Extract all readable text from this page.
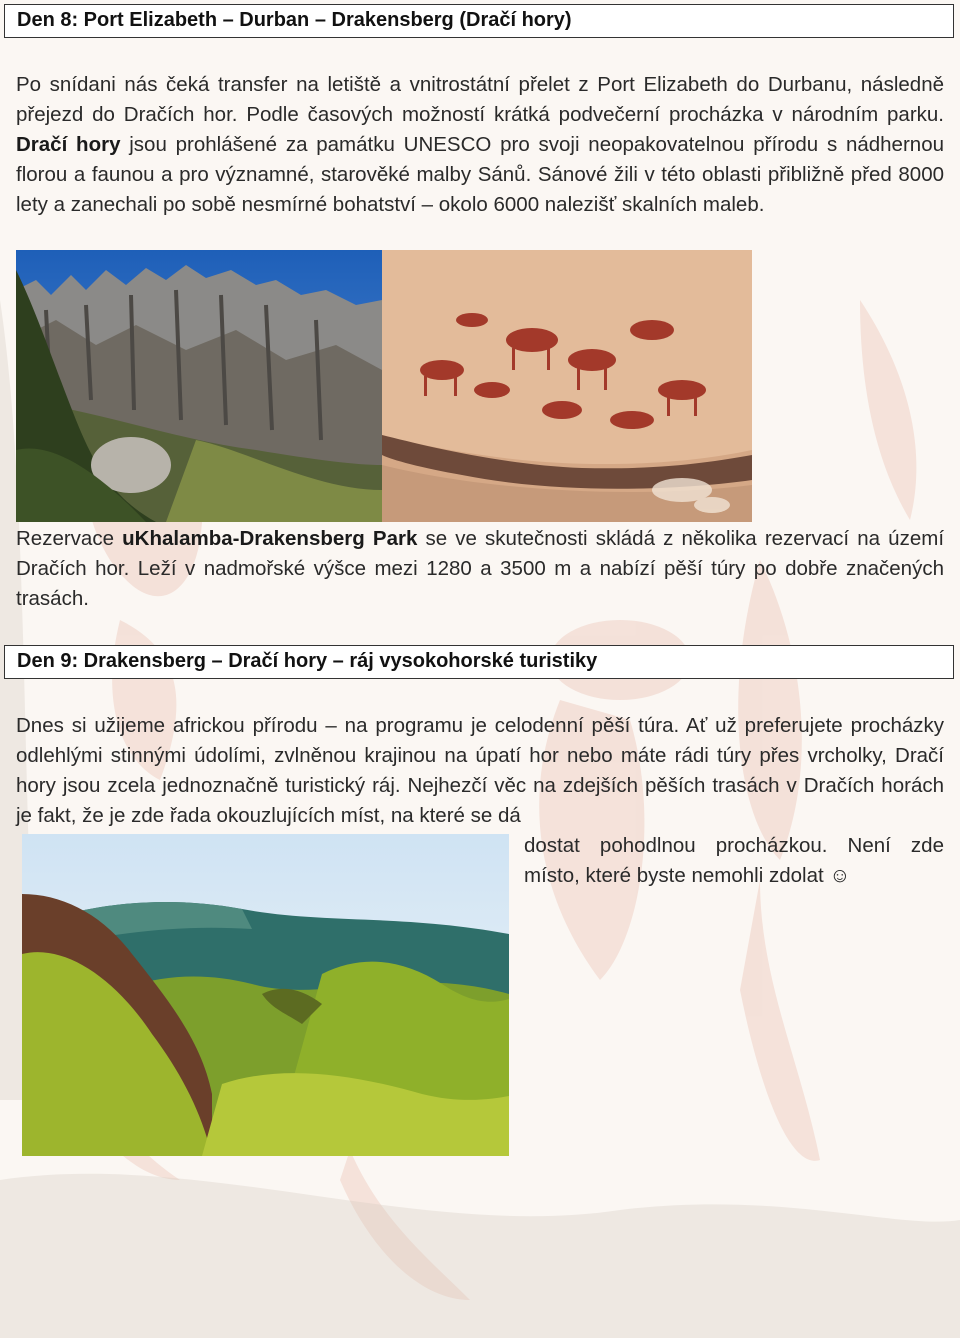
Den 8: Port Elizabeth – Durban – Drakensberg (Dračí hory)

Po snídani nás čeká transfer na letiště a vnitrostátní přelet z Port Elizabeth do Durbanu, následně přejezd do Dračích hor. Podle časových možností krátká podvečerní procházka v národním parku. Dračí hory jsou prohlášené za památku UNESCO pro svoji neopakovatelnou přírodu s nádhernou florou a faunou a pro významné, starověké malby Sánů. Sánové žili v této oblasti přibližně před 8000 lety a zanechali po sobě nesmírné bohatství – okolo 6000 nalezišť skalních maleb.

Rezervace uKhalamba-Drakensberg Park se ve skutečnosti skládá z několika rezervací na území Dračích hor. Leží v nadmořské výšce mezi 1280 a 3500 m a nabízí pěší túry po dobře značených trasách.

Den 9: Drakensberg – Dračí hory – ráj vysokohorské turistiky

Dnes si užijeme africkou přírodu – na programu je celodenní pěší túra. Ať už preferujete procházky odlehlými stinnými údolími, zvlněnou krajinou na úpatí hor nebo máte rádi túry přes vrcholky, Dračí hory jsou zcela jednoznačně turistický ráj. Nejhezčí věc na zdejších pěších trasách v Dračích horách je fakt, že je zde řada okouzlujících míst, na které se dá

dostat pohodlnou procházkou. Není zde místo, které byste nemohli zdolat ☺
